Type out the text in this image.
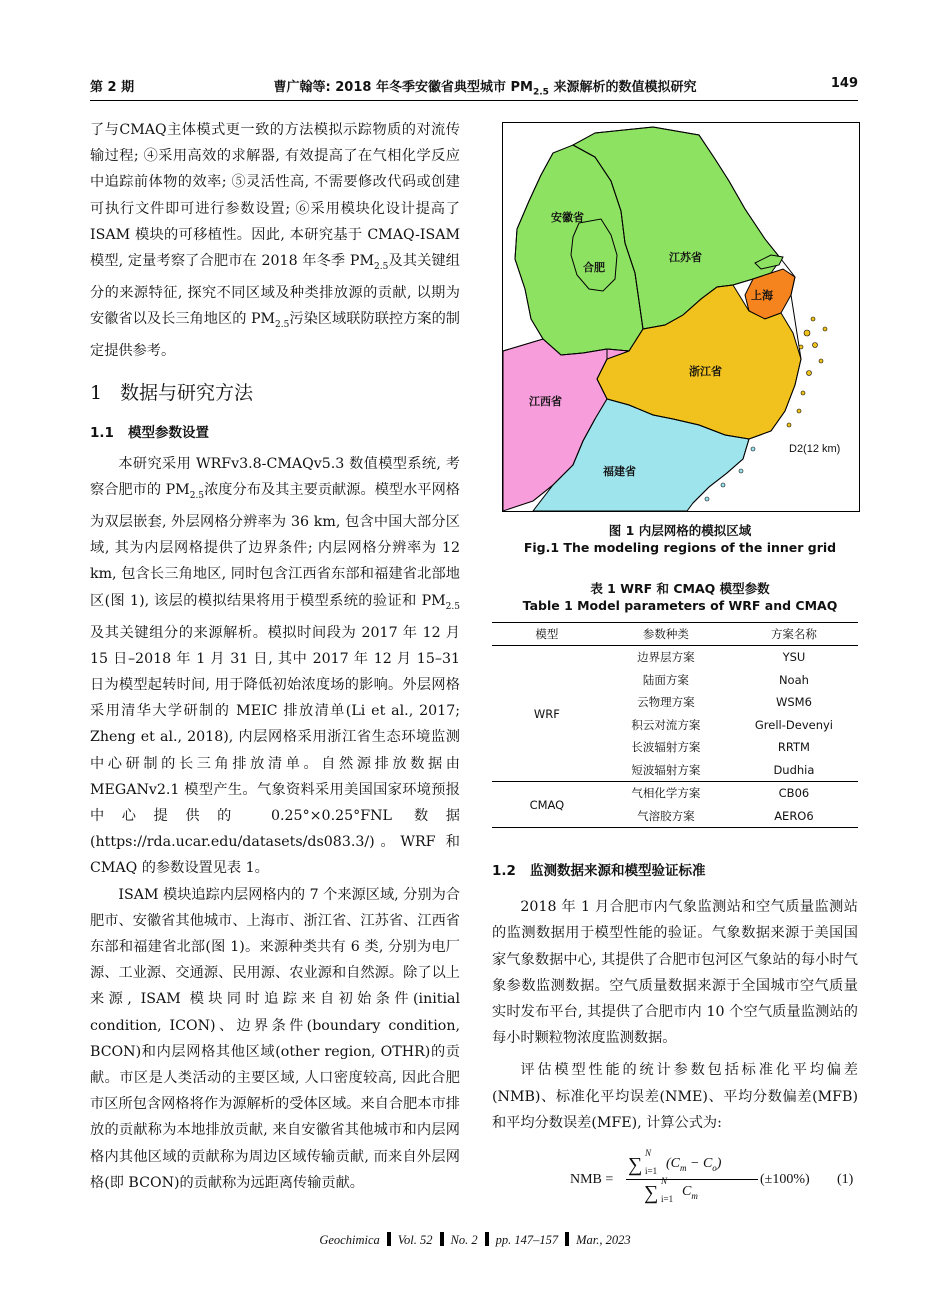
第 2 期	曹广翰等: 2018 年冬季安徽省典型城市 $PM_{2.5}$ 来源解析的数值模拟研究	149

了与CMAQ主体模式更一致的方法模拟示踪物质的对流传输过程; ④采用高效的求解器, 有效提高了在气相化学反应中追踪前体物的效率; ⑤灵活性高, 不需要修改代码或创建可执行文件即可进行参数设置; ⑥采用模块化设计提高了 ISAM 模块的可移植性。因此, 本研究基于 CMAQ-ISAM 模型, 定量考察了合肥市在 2018 年冬季 $PM_{2.5}$及其关键组分的来源特征, 探究不同区域及种类排放源的贡献, 以期为安徽省以及长三角地区的 $PM_{2.5}$污染区域联防联控方案的制定提供参考。

1 数据与研究方法
1.1 模型参数设置

本研究采用 WRFv3.8-CMAQv5.3 数值模型系统, 考察合肥市的 $PM_{2.5}$浓度分布及其主要贡献源。模型水平网格为双层嵌套, 外层网格分辨率为 36 km, 包含中国大部分区域, 其为内层网格提供了边界条件; 内层网格分辨率为 12 km, 包含长三角地区, 同时包含江西省东部和福建省北部地区(图 1), 该层的模拟结果将用于模型系统的验证和 $PM_{2.5}$及其关键组分的来源解析。模拟时间段为 2017 年 12 月 15 日–2018 年 1 月 31 日, 其中 2017 年 12 月 15–31 日为模型起转时间, 用于降低初始浓度场的影响。外层网格采用清华大学研制的 MEIC 排放清单(Li et al., 2017; Zheng et al., 2018), 内层网格采用浙江省生态环境监测中心研制的长三角排放清单。自然源排放数据由 MEGANv2.1 模型产生。气象资料采用美国国家环境预报中心提供的 0.25°×0.25°FNL 数据(https://rda.ucar.edu/datasets/ds083.3/)。WRF 和 CMAQ 的参数设置见表 1。

ISAM 模块追踪内层网格内的 7 个来源区域, 分别为合肥市、安徽省其他城市、上海市、浙江省、江苏省、江西省东部和福建省北部(图 1)。来源种类共有 6 类, 分别为电厂源、工业源、交通源、民用源、农业源和自然源。除了以上来源, ISAM 模块同时追踪来自初始条件(initial condition, ICON)、边界条件(boundary condition, BCON)和内层网格其他区域(other region, OTHR)的贡献。市区是人类活动的主要区域, 人口密度较高, 因此合肥市区所包含网格将作为源解析的受体区域。来自合肥本市排放的贡献称为本地排放贡献, 来自安徽省其他城市和内层网格内其他区域的贡献称为周边区域传输贡献, 而来自外层网格(即 BCON)的贡献称为远距离传输贡献。

安徽省
合肥
江苏省
上海
浙江省
江西省
福建省
D2(12 km)
图 1 内层网格的模拟区域
Fig.1 The modeling regions of the inner grid
表 1 WRF 和 CMAQ 模型参数
Table 1 Model parameters of WRF and CMAQ
模型	参数种类	方案名称
WRF	边界层方案	YSU
	陆面方案	Noah
	云物理方案	WSM6
	积云对流方案	Grell-Devenyi
	长波辐射方案	RRTM
	短波辐射方案	Dudhia
CMAQ	气相化学方案	CB06
	气溶胶方案	AERO6
1.2 监测数据来源和模型验证标准

2018 年 1 月合肥市内气象监测站和空气质量监测站的监测数据用于模型性能的验证。气象数据来源于美国国家气象数据中心, 其提供了合肥市包河区气象站的每小时气象参数监测数据。空气质量数据来源于全国城市空气质量实时发布平台, 其提供了合肥市内 10 个空气质量监测站的每小时颗粒物浓度监测数据。

评估模型性能的统计参数包括标准化平均偏差(NMB)、标准化平均误差(NME)、平均分数偏差(MFB)和平均分数误差(MFE), 计算公式为:

NMB =
∑
N
i=1 $(C_m - C_o)$
∑
N
i=1 $C_m$
(±100%) (1)
Geochimica Vol. 52 No. 2 pp. 147–157 Mar., 2023
